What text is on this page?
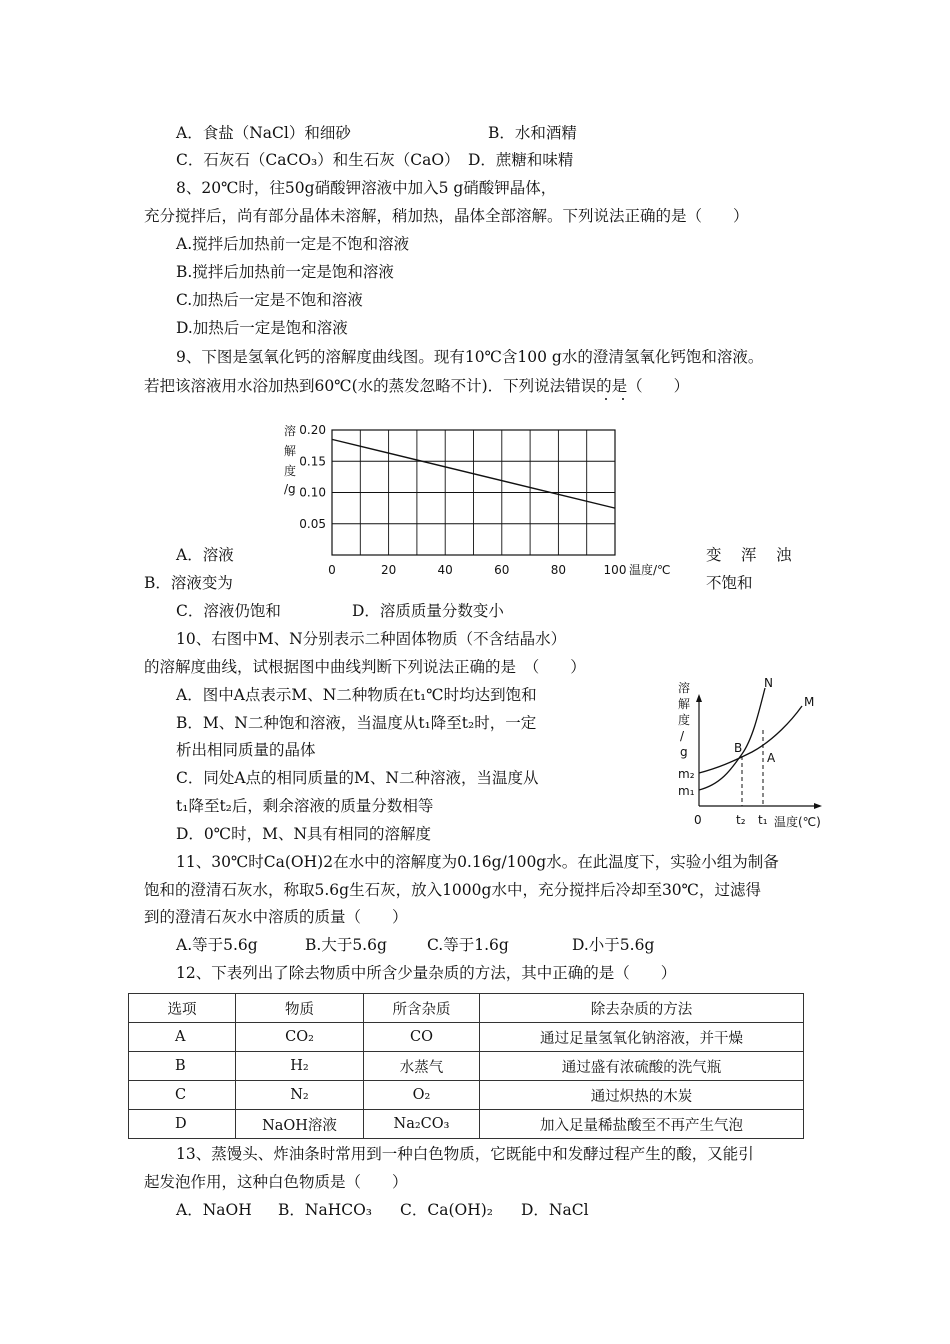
A．食盐（NaCl）和细砂	B．水和酒精
C．石灰石（CaCO₃）和生石灰（CaO） D．蔗糖和味精
8、20℃时，往50g硝酸钾溶液中加入5 g硝酸钾晶体，
充分搅拌后，尚有部分晶体未溶解，稍加热，晶体全部溶解。下列说法正确的是（　　）
A.搅拌后加热前一定是不饱和溶液
B.搅拌后加热前一定是饱和溶液
C.加热后一定是不饱和溶液
D.加热后一定是饱和溶液
9、下图是氢氧化钙的溶解度曲线图。现有10℃含100 g水的澄清氢氧化钙饱和溶液。
若把该溶液用水浴加热到60℃(水的蒸发忽略不计)．下列说法错误的是（　　）
溶
解
度
/g
0.05
0.10
0.15
0.20
0	20	40	60	80	100 温度/℃
A．溶液	变　浑　浊
B．溶液变为	不饱和
C．溶液仍饱和	D．溶质质量分数变小
10、右图中M、N分别表示二种固体物质（不含结晶水）
的溶解度曲线，试根据图中曲线判断下列说法正确的是　（　　）
A．图中A点表示M、N二种物质在t₁℃时均达到饱和
B．M、N二种饱和溶液，当温度从t₁降至t₂时，一定
析出相同质量的晶体
C．同处A点的相同质量的M、N二种溶液，当温度从
t₁降至t₂后，剩余溶液的质量分数相等
D．0℃时，M、N具有相同的溶解度
溶
解
度
/
g
N
M
B
A
m₂
m₁
0	t₂ t₁ 温度(℃)
11、30℃时Ca(OH)2在水中的溶解度为0.16g/100g水。在此温度下，实验小组为制备
饱和的澄清石灰水，称取5.6g生石灰，放入1000g水中，充分搅拌后冷却至30℃，过滤得
到的澄清石灰水中溶质的质量（　　）
A.等于5.6g	B.大于5.6g	C.等于1.6g	D.小于5.6g
12、下表列出了除去物质中所含少量杂质的方法，其中正确的是（　　）
选项	物质	所含杂质	除去杂质的方法
A	CO₂	CO	通过足量氢氧化钠溶液，并干燥
B	H₂	水蒸气	通过盛有浓硫酸的洗气瓶
C	N₂	O₂	通过炽热的木炭
D	NaOH溶液	Na₂CO₃	加入足量稀盐酸至不再产生气泡
13、蒸馒头、炸油条时常用到一种白色物质，它既能中和发酵过程产生的酸，又能引
起发泡作用，这种白色物质是（　　）
A．NaOH B．NaHCO₃ C．Ca(OH)₂ D．NaCl
